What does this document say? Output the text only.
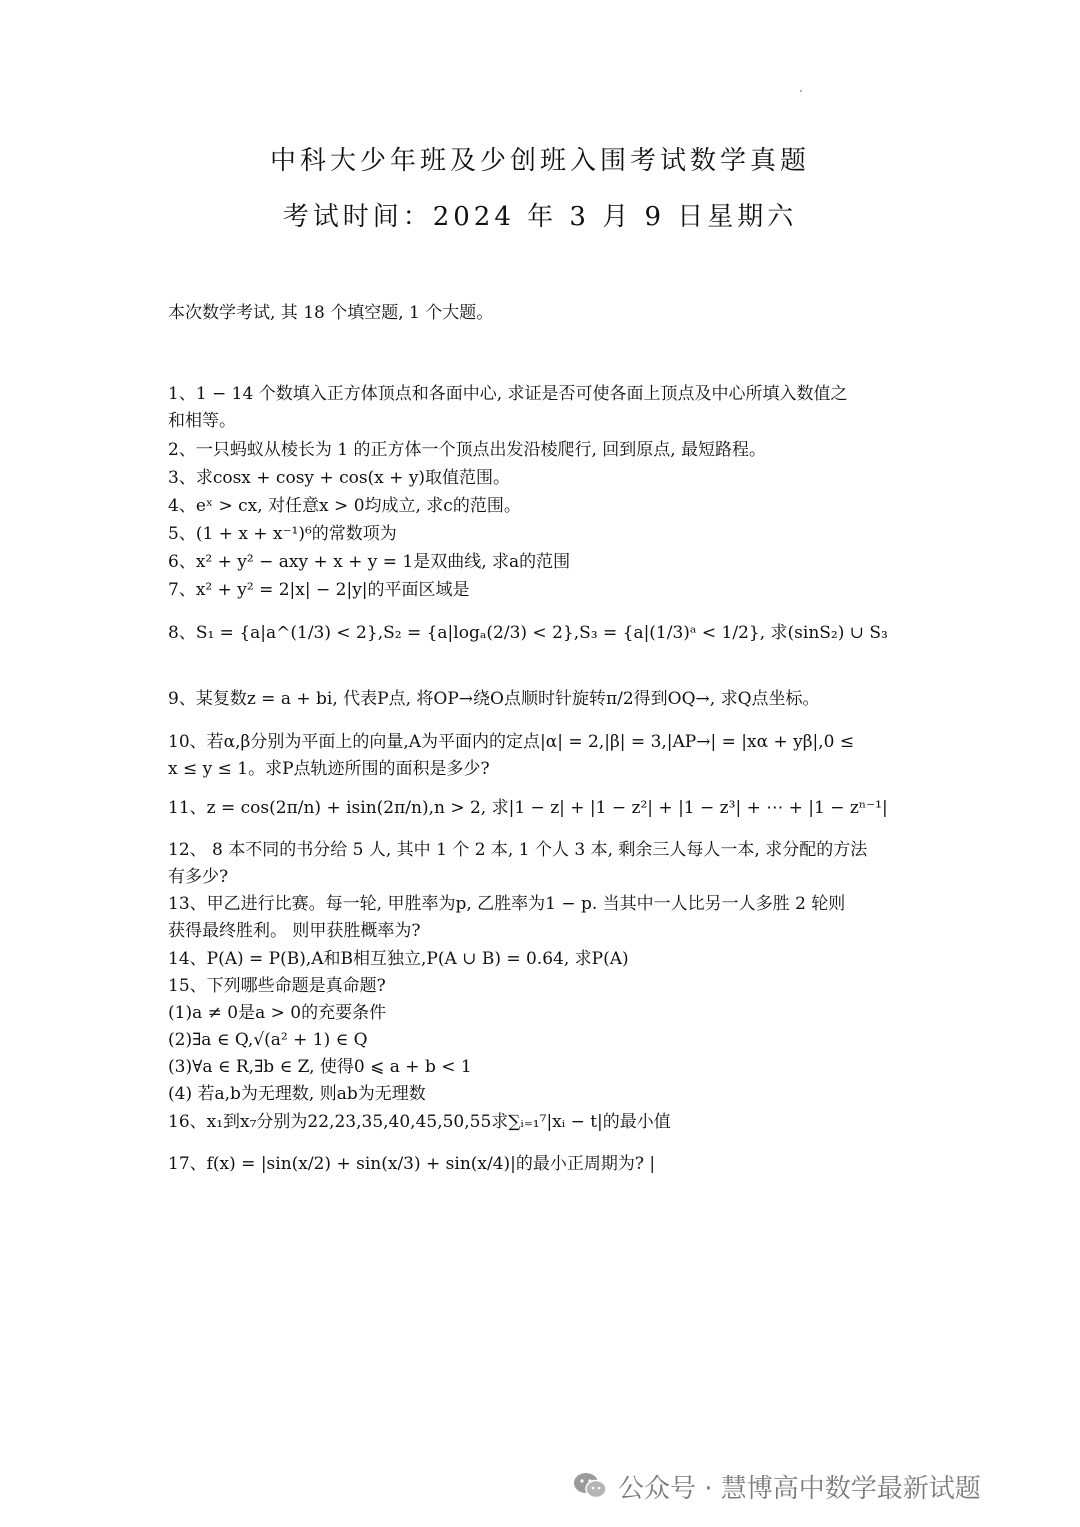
中科大少年班及少创班入围考试数学真题
考试时间：2024 年 3 月 9 日星期六
本次数学考试, 其 18 个填空题, 1 个大题。
1、1 − 14 个数填入正方体顶点和各面中心, 求证是否可使各面上顶点及中心所填入数值之
和相等。
2、一只蚂蚁从棱长为 1 的正方体一个顶点出发沿棱爬行, 回到原点, 最短路程。
3、求cosx + cosy + cos(x + y)取值范围。
4、eˣ > cx, 对任意x > 0均成立, 求c的范围。
5、(1 + x + x⁻¹)⁶的常数项为
6、x² + y² − axy + x + y = 1是双曲线, 求a的范围
7、x² + y² = 2|x| − 2|y|的平面区域是
8、S₁ = {a|a^(1/3) < 2},S₂ = {a|logₐ(2/3) < 2},S₃ = {a|(1/3)ᵃ < 1/2}, 求(sinS₂) ∪ S₃
9、某复数z = a + bi, 代表P点, 将OP→绕O点顺时针旋转π/2得到OQ→, 求Q点坐标。
10、若α,β分别为平面上的向量,A为平面内的定点|α| = 2,|β| = 3,|AP→| = |xα + yβ|,0 ≤
x ≤ y ≤ 1。求P点轨迹所围的面积是多少?
11、z = cos(2π/n) + isin(2π/n),n > 2, 求|1 − z| + |1 − z²| + |1 − z³| + ⋯ + |1 − zⁿ⁻¹|
12、 8 本不同的书分给 5 人, 其中 1 个 2 本, 1 个人 3 本, 剩余三人每人一本, 求分配的方法
有多少?
13、甲乙进行比赛。每一轮, 甲胜率为p, 乙胜率为1 − p. 当其中一人比另一人多胜 2 轮则
获得最终胜利。 则甲获胜概率为?
14、P(A) = P(B),A和B相互独立,P(A ∪ B) = 0.64, 求P(A)
15、下列哪些命题是真命题?
(1)a ≠ 0是a > 0的充要条件
(2)∃a ∈ Q,√(a² + 1) ∈ Q
(3)∀a ∈ R,∃b ∈ Z, 使得0 ⩽ a + b < 1
(4) 若a,b为无理数, 则ab为无理数
16、x₁到x₇分别为22,23,35,40,45,50,55求∑ᵢ₌₁⁷|xᵢ − t|的最小值
17、f(x) = |sin(x/2) + sin(x/3) + sin(x/4)|的最小正周期为? |
公众号 · 慧博高中数学最新试题
